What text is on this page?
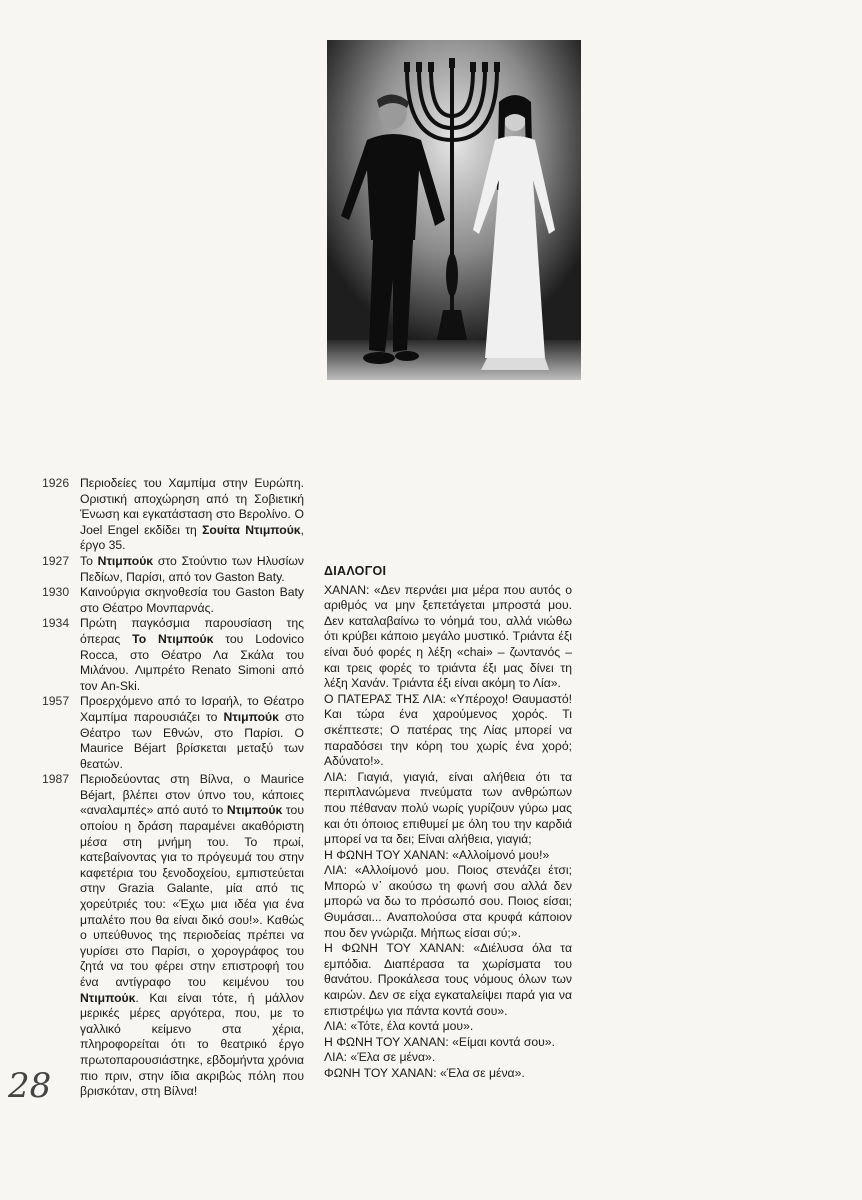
1926 Περιοδείες του Χαμπίμα στην Ευρώπη. Οριστική αποχώρηση από τη Σοβιετική Ένωση και εγκατάσταση στο Βερολίνο. Ο Joel Engel εκδίδει τη Σουίτα Ντιμπούκ, έργο 35.
1927 Το Ντιμπούκ στο Στούντιο των Ηλυσίων Πεδίων, Παρίσι, από τον Gaston Baty.
1930 Καινούργια σκηνοθεσία του Gaston Baty στο Θέατρο Μονπαρνάς.
1934 Πρώτη παγκόσμια παρουσίαση της όπερας Το Ντιμπούκ του Lodovico Rocca, στο Θέατρο Λα Σκάλα του Μιλάνου. Λιμπρέτο Renato Simoni από τον An-Ski.
1957 Προερχόμενο από το Ισραήλ, το Θέατρο Χαμπίμα παρουσιάζει το Ντιμπούκ στο Θέατρο των Εθνών, στο Παρίσι. Ο Maurice Béjart βρίσκεται μεταξύ των θεατών.
1987 Περιοδεύοντας στη Βίλνα, ο Maurice Béjart, βλέπει στον ύπνο του, κάποιες «αναλαμπές» από αυτό το Ντιμπούκ του οποίου η δράση παραμένει ακαθόριστη μέσα στη μνήμη του. Το πρωί, κατεβαίνοντας για το πρόγευμά του στην καφετέρια του ξενοδοχείου, εμπιστεύεται στην Grazia Galante, μία από τις χορεύτριές του: «Έχω μια ιδέα για ένα μπαλέτο που θα είναι δικό σου!». Καθώς ο υπεύθυνος της περιοδείας πρέπει να γυρίσει στο Παρίσι, ο χορογράφος του ζητά να του φέρει στην επιστροφή του ένα αντίγραφο του κειμένου του Ντιμπούκ. Και είναι τότε, ή μάλλον μερικές μέρες αργότερα, που, με το γαλλικό κείμενο στα χέρια, πληροφορείται ότι το θεατρικό έργο πρωτοπαρουσιάστηκε, εβδομήντα χρόνια πιο πριν, στην ίδια ακριβώς πόλη που βρισκόταν, στη Βίλνα!
ΔΙΑΛΟΓΟΙ

ΧΑΝΑΝ: «Δεν περνάει μια μέρα που αυτός ο αριθμός να μην ξεπετάγεται μπροστά μου. Δεν καταλαβαίνω το νόημά του, αλλά νιώθω ότι κρύβει κάποιο μεγάλο μυστικό. Τριάντα έξι είναι δυό φορές η λέξη «chai» – ζωντανός – και τρεις φορές το τριάντα έξι μας δίνει τη λέξη Χανάν. Τριάντα έξι είναι ακόμη το Λία».

Ο ΠΑΤΕΡΑΣ ΤΗΣ ΛΙΑ: «Υπέροχο! Θαυμαστό! Και τώρα ένα χαρούμενος χορός. Τι σκέπτεστε; Ο πατέρας της Λίας μπορεί να παραδόσει την κόρη του χωρίς ένα χορό; Αδύνατο!».

ΛΙΑ: Γιαγιά, γιαγιά, είναι αλήθεια ότι τα περιπλανώμενα πνεύματα των ανθρώπων που πέθαναν πολύ νωρίς γυρίζουν γύρω μας και ότι όποιος επιθυμεί με όλη του την καρδιά μπορεί να τα δει; Είναι αλήθεια, γιαγιά;

Η ΦΩΝΗ ΤΟΥ ΧΑΝΑΝ: «Αλλοίμονό μου!»

ΛΙΑ: «Αλλοίμονό μου. Ποιος στενάζει έτσι; Μπορώ ν᾽ ακούσω τη φωνή σου αλλά δεν μπορώ να δω το πρόσωπό σου. Ποιος είσαι; Θυμάσαι... Αναπολούσα στα κρυφά κάποιον που δεν γνώριζα. Μήπως είσαι σύ;».

Η ΦΩΝΗ ΤΟΥ ΧΑΝΑΝ: «Διέλυσα όλα τα εμπόδια. Διαπέρασα τα χωρίσματα του θανάτου. Προκάλεσα τους νόμους όλων των καιρών. Δεν σε είχα εγκαταλείψει παρά για να επιστρέψω για πάντα κοντά σου».

ΛΙΑ: «Τότε, έλα κοντά μου».

Η ΦΩΝΗ ΤΟΥ ΧΑΝΑΝ: «Είμαι κοντά σου».

ΛΙΑ: «Έλα σε μένα».

ΦΩΝΗ ΤΟΥ ΧΑΝΑΝ: «Έλα σε μένα».

28
